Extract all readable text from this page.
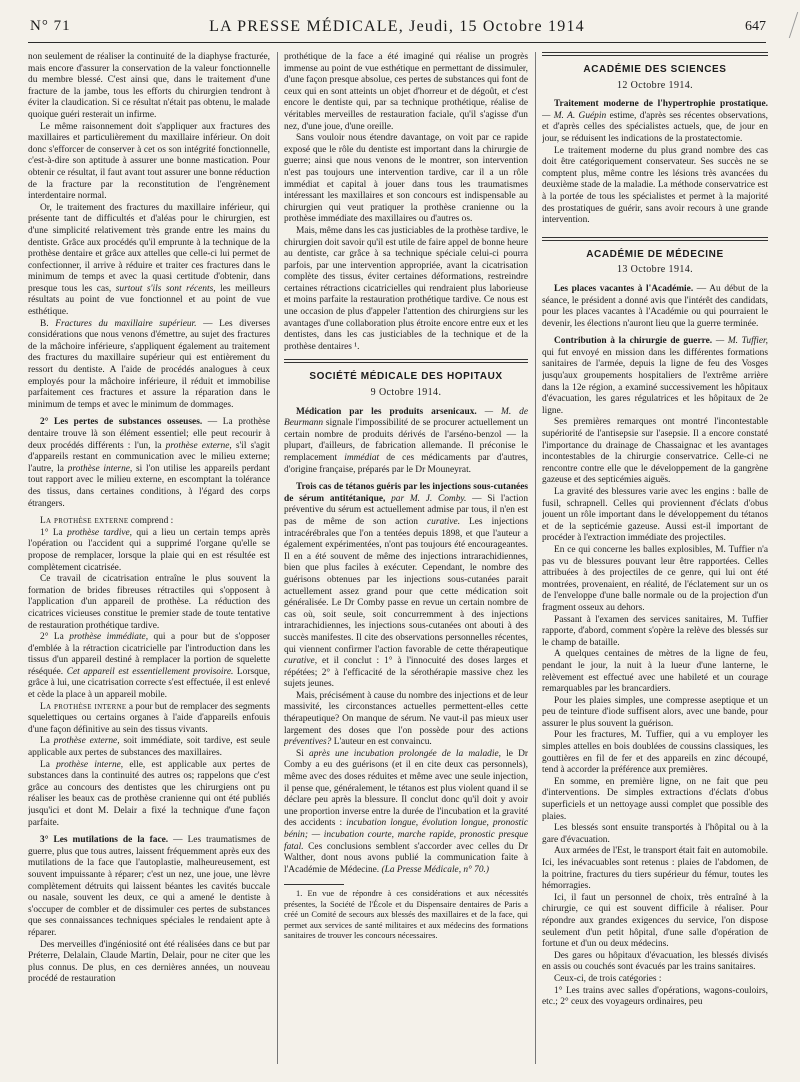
N° 71	LA PRESSE MÉDICALE, Jeudi, 15 Octobre 1914	647

non seulement de réaliser la continuité de la diaphyse fracturée, mais encore d'assurer la conservation de la valeur fonctionnelle du membre blessé. C'est ainsi que, dans le traitement d'une fracture de la jambe, tous les efforts du chirurgien tendront à éviter la claudication. Si ce résultat n'était pas obtenu, le malade quoique guéri resterait un infirme.

Le même raisonnement doit s'appliquer aux fractures des maxillaires et particulièrement du maxillaire inférieur. On doit donc s'efforcer de conserver à cet os son intégrité fonctionnelle, c'est-à-dire son aptitude à assurer une bonne mastication. Pour obtenir ce résultat, il faut avant tout assurer une bonne réduction de la fracture par la reconstitution de l'engrènement interdentaire normal.

Or, le traitement des fractures du maxillaire inférieur, qui présente tant de difficultés et d'aléas pour le chirurgien, est d'une simplicité relativement très grande entre les mains du dentiste. Grâce aux procédés qu'il emprunte à la technique de la prothèse dentaire et grâce aux attelles que celle-ci lui permet de confectionner, il arrive à réduire et traiter ces fractures dans le minimum de temps et avec la quasi certitude d'obtenir, dans presque tous les cas, surtout s'ils sont récents, les meilleurs résultats au point de vue fonctionnel et au point de vue esthétique.

B. Fractures du maxillaire supérieur. — Les diverses considérations que nous venons d'émettre, au sujet des fractures de la mâchoire inférieure, s'appliquent également au traitement des fractures du maxillaire supérieur qui est entièrement du ressort du dentiste. A l'aide de procédés analogues à ceux employés pour la mâchoire inférieure, il réduit et immobilise parfaitement ces fractures et assure la réparation dans le minimum de temps et avec le minimum de dommages.

2° Les pertes de substances osseuses. — La prothèse dentaire trouve là son élément essentiel; elle peut recourir à deux procédés différents : l'un, la prothèse externe, s'il s'agit d'appareils restant en communication avec le milieu externe; l'autre, la prothèse interne, si l'on utilise les appareils perdant tout rapport avec le milieu externe, en escomptant la tolérance des tissus, dans certaines conditions, à l'égard des corps étrangers.

La prothèse externe comprend :

1° La prothèse tardive, qui a lieu un certain temps après l'opération ou l'accident qui a supprimé l'organe qu'elle se propose de remplacer, lorsque la plaie qui en est résultée est complètement cicatrisée.

Ce travail de cicatrisation entraîne le plus souvent la formation de brides fibreuses rétractiles qui s'opposent à l'application d'un appareil de prothèse. La réduction des cicatrices vicieuses constitue le premier stade de toute tentative de restauration prothétique tardive.

2° La prothèse immédiate, qui a pour but de s'opposer d'emblée à la rétraction cicatricielle par l'introduction dans les tissus d'un appareil destiné à remplacer la portion de squelette réséquée. Cet appareil est essentiellement provisoire. Lorsque, grâce à lui, une cicatrisation correcte s'est effectuée, il est enlevé et cède la place à un appareil mobile.

La prothèse interne a pour but de remplacer des segments squelettiques ou certains organes à l'aide d'appareils enfouis d'une façon définitive au sein des tissus vivants.

La prothèse externe, soit immédiate, soit tardive, est seule applicable aux pertes de substances des maxillaires.

La prothèse interne, elle, est applicable aux pertes de substances dans la continuité des autres os; rappelons que c'est grâce au concours des dentistes que les chirurgiens ont pu réaliser les beaux cas de prothèse cranienne qui ont été publiés jusqu'ici et dont M. Delair a fixé la technique d'une façon parfaite.

3° Les mutilations de la face. — Les traumatismes de guerre, plus que tous autres, laissent fréquemment après eux des mutilations de la face que l'autoplastie, malheureusement, est souvent impuissante à réparer; c'est un nez, une joue, une lèvre complètement détruits qui laissent béantes les cavités buccale ou nasale, souvent les deux, ce qui a amené le dentiste à s'occuper de combler et de dissimuler ces pertes de substances que ses connaissances techniques spéciales le rendaient apte à réparer.

Des merveilles d'ingéniosité ont été réalisées dans ce but par Préterre, Delalain, Claude Martin, Delair, pour ne citer que les plus connus. De plus, en ces dernières années, un nouveau procédé de restauration

prothétique de la face a été imaginé qui réalise un progrès immense au point de vue esthétique en permettant de dissimuler, d'une façon presque absolue, ces pertes de substances qui font de ceux qui en sont atteints un objet d'horreur et de dégoût, et c'est encore le dentiste qui, par sa technique prothétique, réalise de véritables merveilles de restauration faciale, qu'il s'agisse d'un nez, d'une joue, d'une oreille.

Sans vouloir nous étendre davantage, on voit par ce rapide exposé que le rôle du dentiste est important dans la chirurgie de guerre; ainsi que nous venons de le montrer, son intervention n'est pas toujours une intervention tardive, car il a un rôle immédiat et capital à jouer dans tous les traumatismes intéressant les maxillaires et son concours est indispensable au chirurgien qui veut pratiquer la prothèse cranienne ou la prothèse immédiate des maxillaires ou d'autres os.

Mais, même dans les cas justiciables de la prothèse tardive, le chirurgien doit savoir qu'il est utile de faire appel de bonne heure au dentiste, car grâce à sa technique spéciale celui-ci pourra parfois, par une intervention appropriée, avant la cicatrisation complète des tissus, éviter certaines déformations, restreindre certaines rétractions cicatricielles qui rendraient plus laborieuse et moins parfaite la restauration prothétique tardive. Ce nous est une occasion de plus d'appeler l'attention des chirurgiens sur les avantages d'une collaboration plus étroite encore entre eux et les dentistes, dans les cas justiciables de la technique et de la prothèse dentaires ¹.

SOCIÉTÉ MÉDICALE DES HOPITAUX
9 Octobre 1914.

Médication par les produits arsenicaux. — M. de Beurmann signale l'impossibilité de se procurer actuellement un certain nombre de produits dérivés de l'arséno-benzol — la plupart, d'ailleurs, de fabrication allemande. Il préconise le remplacement immédiat de ces médicaments par d'autres, d'origine française, préparés par le Dr Mouneyrat.

Trois cas de tétanos guéris par les injections sous-cutanées de sérum antitétanique, par M. J. Comby. — Si l'action préventive du sérum est actuellement admise par tous, il n'en est pas de même de son action curative. Les injections intracérébrales que l'on a tentées depuis 1898, et que l'auteur a également expérimentées, n'ont pas toujours été encourageantes. Il en a été souvent de même des injections intrarachidiennes, bien que plus faciles à exécuter. Cependant, le nombre des guérisons obtenues par les injections sous-cutanées parait actuellement assez grand pour que cette médication soit généralisée. Le Dr Comby passe en revue un certain nombre de cas où, soit seule, soit concurremment à des injections intrarachidiennes, les injections sous-cutanées ont abouti à des succès manifestes. Il cite des observations personnelles récentes, qui viennent confirmer l'action favorable de cette thérapeutique curative, et il conclut : 1° à l'innocuité des doses larges et répétées; 2° à l'efficacité de la sérothérapie massive chez les sujets jeunes.

Mais, précisément à cause du nombre des injections et de leur massivité, les circonstances actuelles permettent-elles cette thérapeutique? On manque de sérum. Ne vaut-il pas mieux user largement des doses que l'on possède pour des actions préventives? L'auteur en est convaincu.

Si après une incubation prolongée de la maladie, le Dr Comby a eu des guérisons (et il en cite deux cas personnels), même avec des doses réduites et même avec une seule injection, il pense que, généralement, le tétanos est plus violent quand il se déclare peu après la blessure. Il conclut donc qu'il doit y avoir une proportion inverse entre la durée de l'incubation et la gravité des accidents : incubation longue, évolution longue, pronostic bénin; — incubation courte, marche rapide, pronostic presque fatal. Ces conclusions semblent s'accorder avec celles du Dr Walther, dont nous avons publié la communication faite à l'Académie de Médecine. (La Presse Médicale, n° 70.)

1. En vue de répondre à ces considérations et aux nécessités présentes, la Société de l'École et du Dispensaire dentaires de Paris a créé un Comité de secours aux blessés des maxillaires et de la face, qui permet aux services de santé militaires et aux médecins des formations sanitaires de trouver les concours nécessaires.

ACADÉMIE DES SCIENCES
12 Octobre 1914.

Traitement moderne de l'hypertrophie prostatique. — M. A. Guépin estime, d'après ses récentes observations, et d'après celles des spécialistes actuels, que, de jour en jour, se réduisent les indications de la prostatectomie.

Le traitement moderne du plus grand nombre des cas doit être catégoriquement conservateur. Ses succès ne se comptent plus, même contre les lésions très avancées du deuxième stade de la maladie. La méthode conservatrice est à la portée de tous les spécialistes et permet à la majorité des prostatiques de guérir, sans avoir recours à une grande intervention.

ACADÉMIE DE MÉDECINE
13 Octobre 1914.

Les places vacantes à l'Académie. — Au début de la séance, le président a donné avis que l'intérêt des candidats, pour les places vacantes à l'Académie ou qui pourraient le devenir, les élections n'auront lieu que la guerre terminée.

Contribution à la chirurgie de guerre. — M. Tuffier, qui fut envoyé en mission dans les différentes formations sanitaires de l'armée, depuis la ligne de feu des Vosges jusqu'aux groupements hospitaliers de l'extrême arrière dans la 12e région, a examiné successivement les hôpitaux d'évacuation, les gares régulatrices et les hôpitaux de 2e ligne.

Ses premières remarques ont montré l'incontestable supériorité de l'antisepsie sur l'asepsie. Il a encore constaté l'importance du drainage de Chassaignac et les avantages incontestables de la chirurgie conservatrice. Celle-ci ne rencontre contre elle que le développement de la gangrène gazeuse et des septicémies aiguës.

La gravité des blessures varie avec les engins : balle de fusil, schrapnell. Celles qui proviennent d'éclats d'obus jouent un rôle important dans le développement du tétanos et de la septicémie gazeuse. Aussi est-il important de procéder à l'extraction immédiate des projectiles.

En ce qui concerne les balles explosibles, M. Tuffier n'a pas vu de blessures pouvant leur être rapportées. Celles attribuées à des projectiles de ce genre, qui lui ont été montrées, provenaient, en réalité, de l'éclatement sur un os de l'enveloppe d'une balle normale ou de la projection d'un fragment osseux au dehors.

Passant à l'examen des services sanitaires, M. Tuffier rapporte, d'abord, comment s'opère la relève des blessés sur le champ de bataille.

A quelques centaines de mètres de la ligne de feu, pendant le jour, la nuit à la lueur d'une lanterne, le relèvement est effectué avec une habileté et un courage remarquables par les brancardiers.

Pour les plaies simples, une compresse aseptique et un peu de teinture d'iode suffisent alors, avec une bande, pour assurer le plus souvent la guérison.

Pour les fractures, M. Tuffier, qui a vu employer les simples attelles en bois doublées de coussins classiques, les gouttières en fil de fer et des appareils en zinc découpé, tend à accorder la préférence aux premières.

En somme, en première ligne, on ne fait que peu d'interventions. De simples extractions d'éclats d'obus superficiels et un nettoyage aussi complet que possible des plaies.

Les blessés sont ensuite transportés à l'hôpital ou à la gare d'évacuation.

Aux armées de l'Est, le transport était fait en automobile. Ici, les inévacuables sont retenus : plaies de l'abdomen, de la poitrine, fractures du tiers supérieur du fémur, toutes les hémorragies.

Ici, il faut un personnel de choix, très entraîné à la chirurgie, ce qui est souvent difficile à réaliser. Pour répondre aux grandes exigences du service, l'on dispose seulement d'un petit hôpital, d'une salle d'opération de fortune et d'un ou deux médecins.

Des gares ou hôpitaux d'évacuation, les blessés divisés en assis ou couchés sont évacués par les trains sanitaires.

Ceux-ci, de trois catégories :

1° Les trains avec salles d'opérations, wagons-couloirs, etc.; 2° ceux des voyageurs ordinaires, peu
